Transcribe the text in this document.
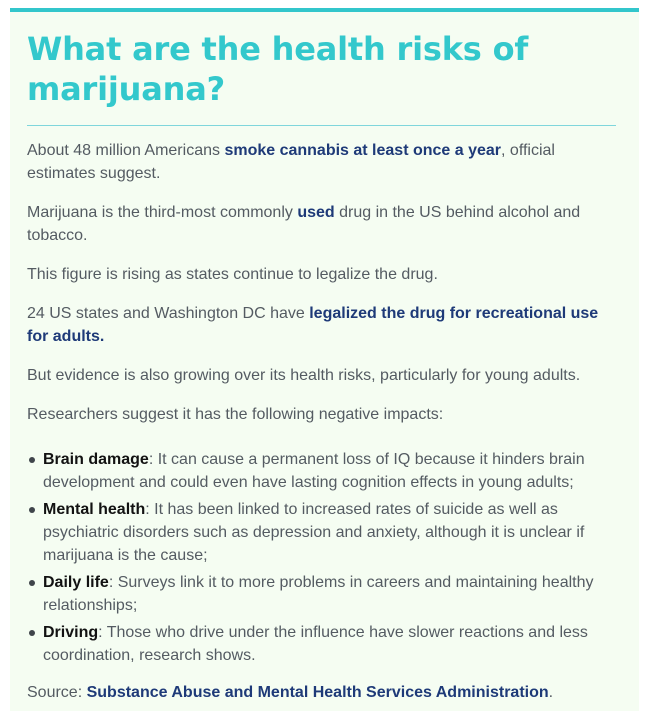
What are the health risks of marijuana?

About 48 million Americans smoke cannabis at least once a year, official estimates suggest.

Marijuana is the third-most commonly used drug in the US behind alcohol and tobacco.

This figure is rising as states continue to legalize the drug.

24 US states and Washington DC have legalized the drug for recreational use for adults.

But evidence is also growing over its health risks, particularly for young adults.

Researchers suggest it has the following negative impacts:

Brain damage: It can cause a permanent loss of IQ because it hinders brain development and could even have lasting cognition effects in young adults;
Mental health: It has been linked to increased rates of suicide as well as psychiatric disorders such as depression and anxiety, although it is unclear if marijuana is the cause;
Daily life: Surveys link it to more problems in careers and maintaining healthy relationships;
Driving: Those who drive under the influence have slower reactions and less coordination, research shows.

Source: Substance Abuse and Mental Health Services Administration.
